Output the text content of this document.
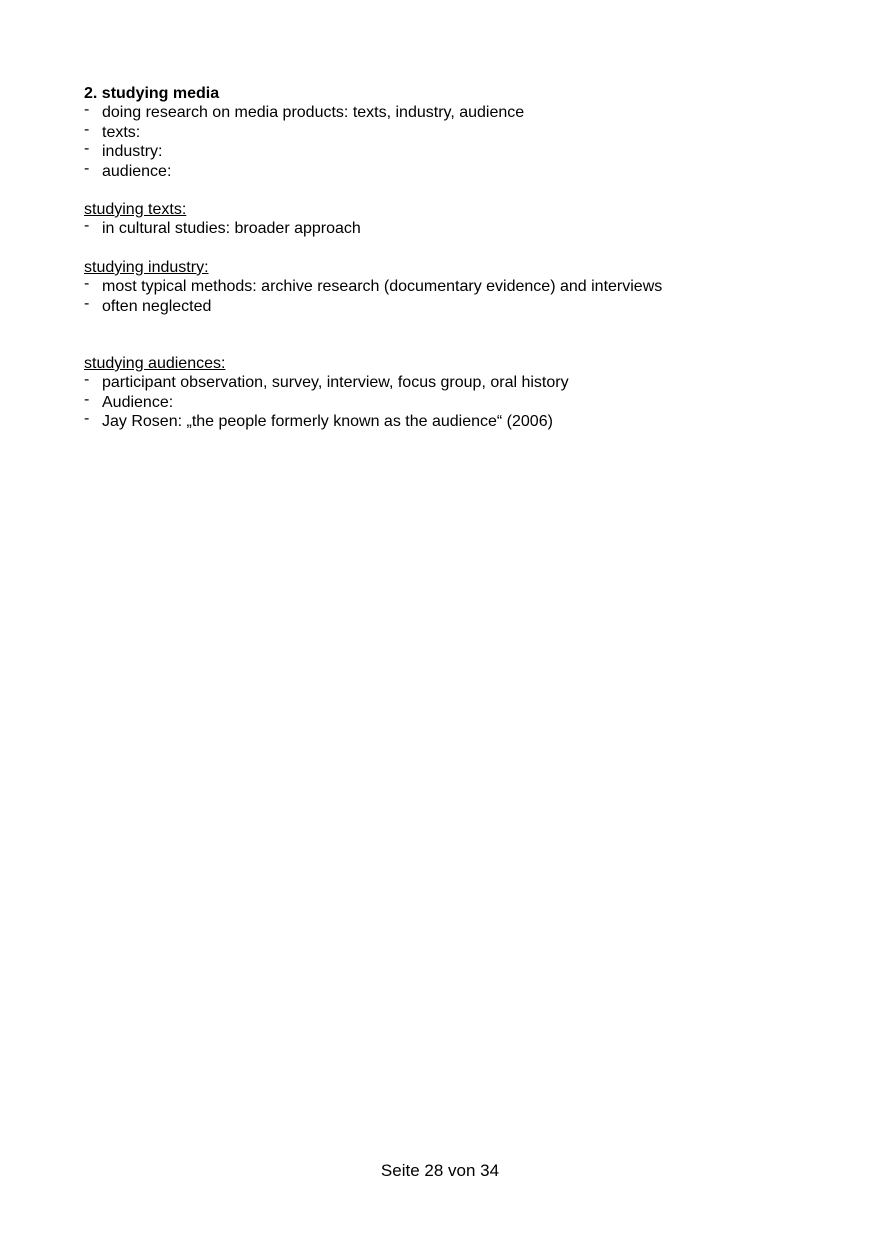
2. studying media

- doing research on media products: texts, industry, audience
- texts:
- industry:
- audience:

studying texts:

- in cultural studies: broader approach

studying industry:

- most typical methods: archive research (documentary evidence) and interviews
- often neglected

studying audiences:

- participant observation, survey, interview, focus group, oral history
- Audience:
- Jay Rosen: „the people formerly known as the audience“ (2006)
Seite 28 von 34
